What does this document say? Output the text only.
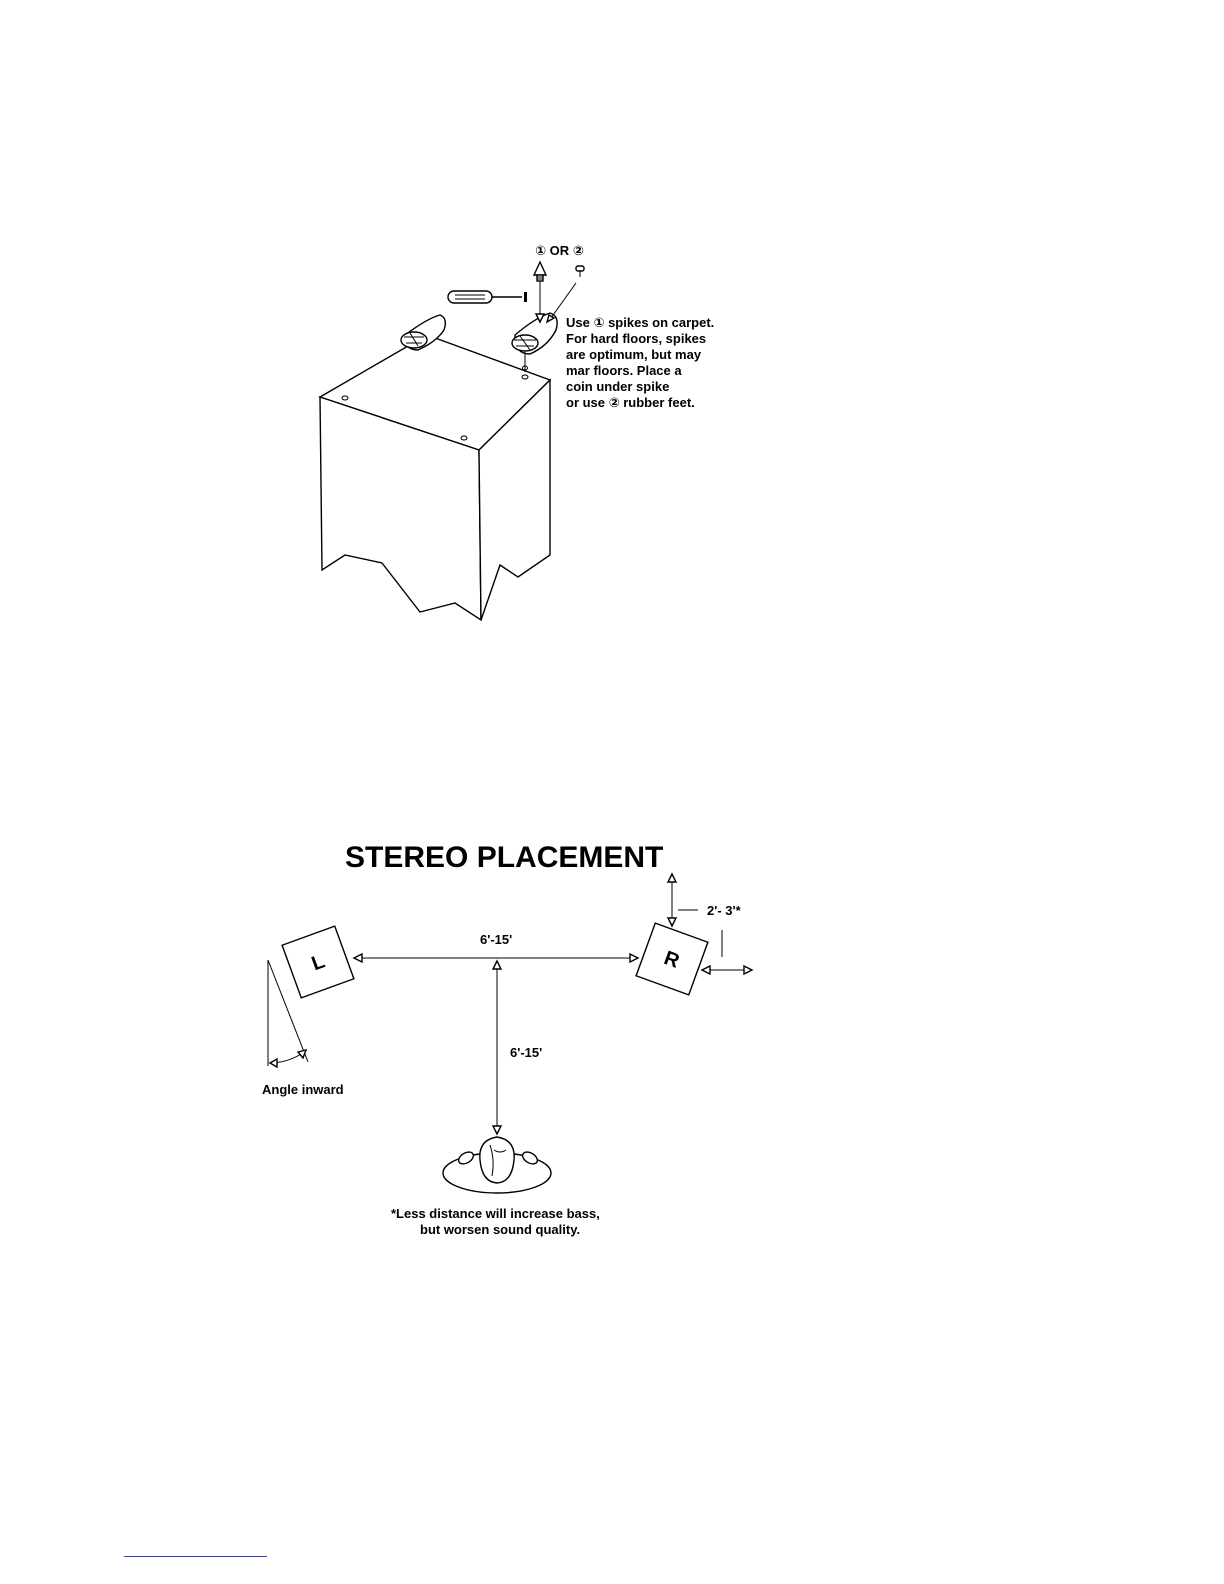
① OR ②
Use ① spikes on carpet.
For hard floors, spikes
are optimum, but may
mar floors. Place a
coin under spike
or use ② rubber feet.
STEREO PLACEMENT
L	R
6'-15'
6'-15'
2'- 3'*
Angle inward
*Less distance will increase bass,
but worsen sound quality.
